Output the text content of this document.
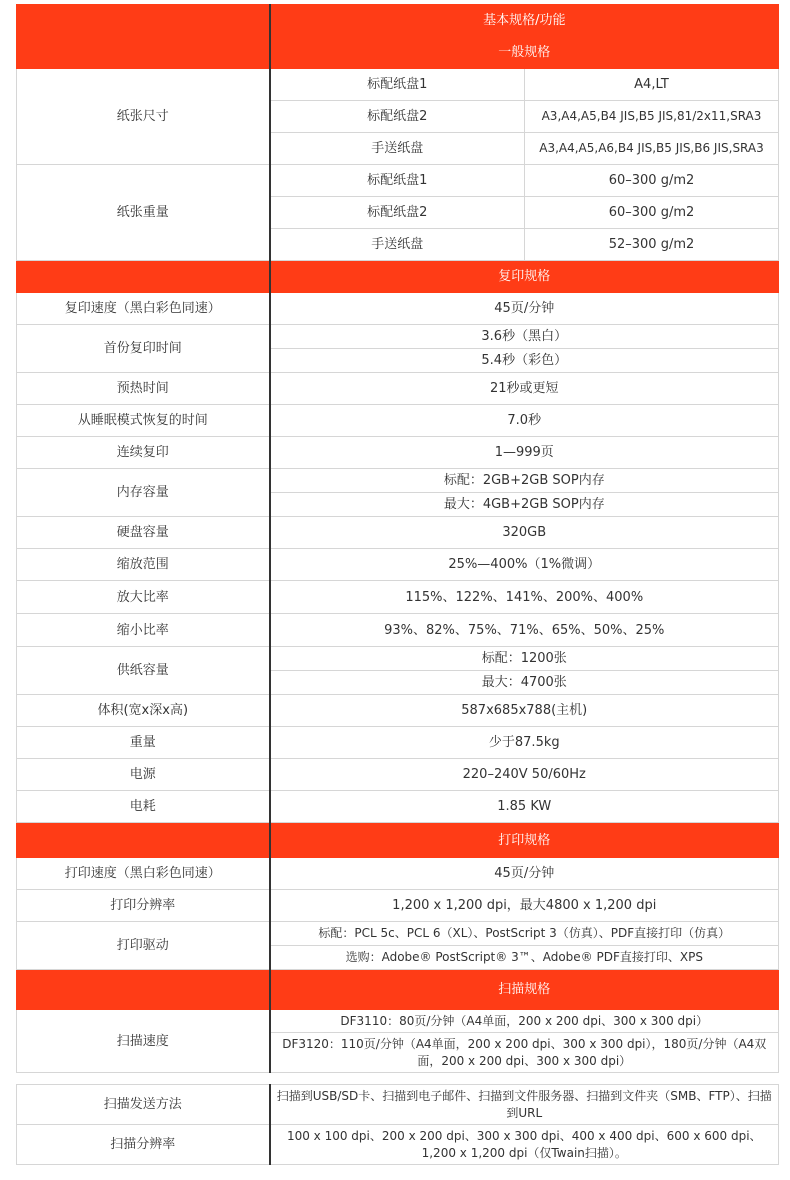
	基本规格/功能	
	一般规格	
纸张尺寸	标配纸盘1	A4,LT
	标配纸盘2	A3,A4,A5,B4 JIS,B5 JIS,81/2x11,SRA3
	手送纸盘	A3,A4,A5,A6,B4 JIS,B5 JIS,B6 JIS,SRA3
纸张重量	标配纸盘1	60–300 g/m2
	标配纸盘2	60–300 g/m2
	手送纸盘	52–300 g/m2
	复印规格	
复印速度（黑白彩色同速）	45页/分钟	
首份复印时间	3.6秒（黑白）	
	5.4秒（彩色）	
预热时间	21秒或更短	
从睡眠模式恢复的时间	7.0秒	
连续复印	1—999页	
内存容量	标配：2GB+2GB SOP内存	
	最大：4GB+2GB SOP内存	
硬盘容量	320GB	
缩放范围	25%—400%（1%微调）	
放大比率	115%、122%、141%、200%、400%	
缩小比率	93%、82%、75%、71%、65%、50%、25%	
供纸容量	标配：1200张	
	最大：4700张	
体积(宽x深x高)	587x685x788(主机)	
重量	少于87.5kg	
电源	220–240V 50/60Hz	
电耗	1.85 KW	
	打印规格	
打印速度（黑白彩色同速）	45页/分钟	
打印分辨率	1,200 x 1,200 dpi，最大4800 x 1,200 dpi	
打印驱动	标配：PCL 5c、PCL 6（XL）、PostScript 3（仿真）、PDF直接打印（仿真）	
	选购：Adobe® PostScript® 3™、Adobe® PDF直接打印、XPS	
	扫描规格	
扫描速度	DF3110：80页/分钟（A4单面，200 x 200 dpi、300 x 300 dpi）	
	DF3120：110页/分钟（A4单面，200 x 200 dpi、300 x 300 dpi），180页/分钟（A4双面，200 x 200 dpi、300 x 300 dpi）	
扫描发送方法	扫描到USB/SD卡、扫描到电子邮件、扫描到文件服务器、扫描到文件夹（SMB、FTP）、扫描到URL
扫描分辨率	100 x 100 dpi、200 x 200 dpi、300 x 300 dpi、400 x 400 dpi、600 x 600 dpi、1,200 x 1,200 dpi（仅Twain扫描）。
